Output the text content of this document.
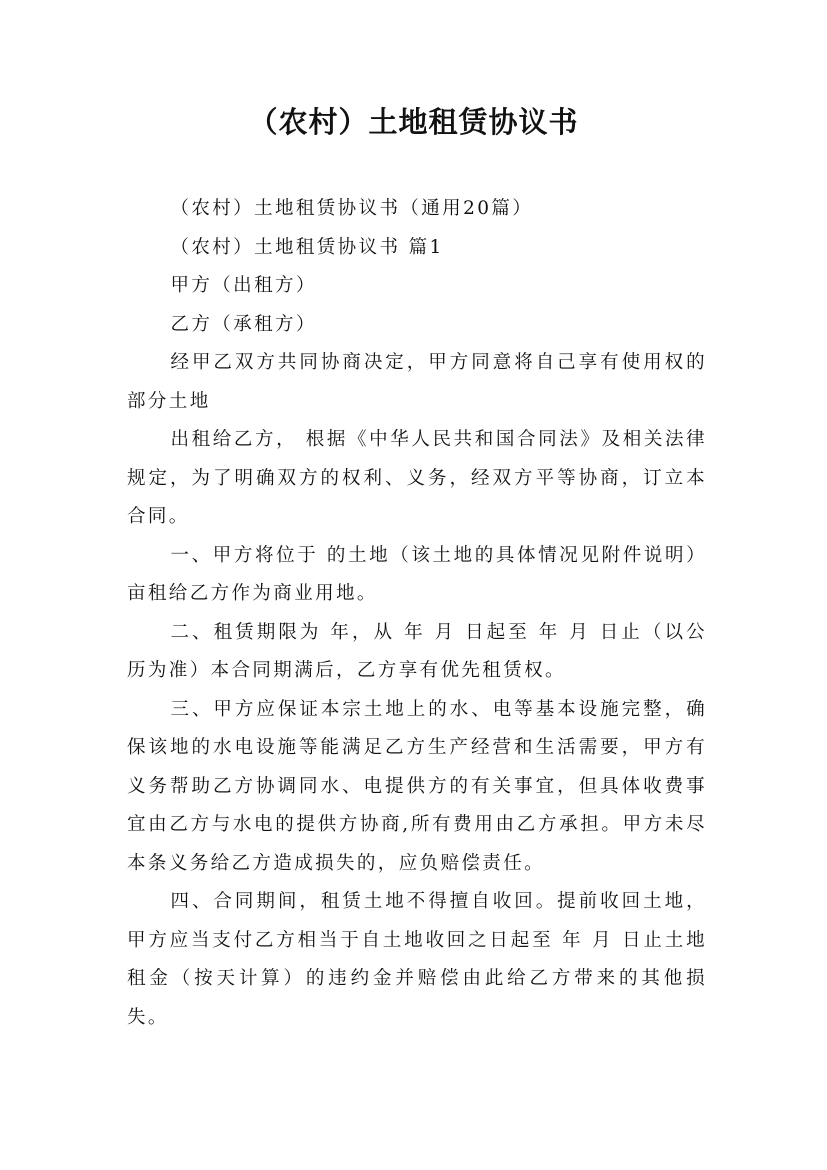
（农村）土地租赁协议书

（农村）土地租赁协议书（通用20篇）

（农村）土地租赁协议书 篇1

甲方（出租方）

乙方（承租方）

经甲乙双方共同协商决定，甲方同意将自己享有使用权的部分土地

出租给乙方， 根据《中华人民共和国合同法》及相关法律规定，为了明确双方的权利、义务，经双方平等协商，订立本合同。

一、甲方将位于 的土地（该土地的具体情况见附件说明） 亩租给乙方作为商业用地。

二、租赁期限为 年，从 年 月 日起至 年 月 日止（以公历为准）本合同期满后，乙方享有优先租赁权。

三、甲方应保证本宗土地上的水、电等基本设施完整，确保该地的水电设施等能满足乙方生产经营和生活需要，甲方有义务帮助乙方协调同水、电提供方的有关事宜，但具体收费事宜由乙方与水电的提供方协商,所有费用由乙方承担。甲方未尽本条义务给乙方造成损失的，应负赔偿责任。

四、合同期间，租赁土地不得擅自收回。提前收回土地，甲方应当支付乙方相当于自土地收回之日起至 年 月 日止土地租金（按天计算）的违约金并赔偿由此给乙方带来的其他损失。
